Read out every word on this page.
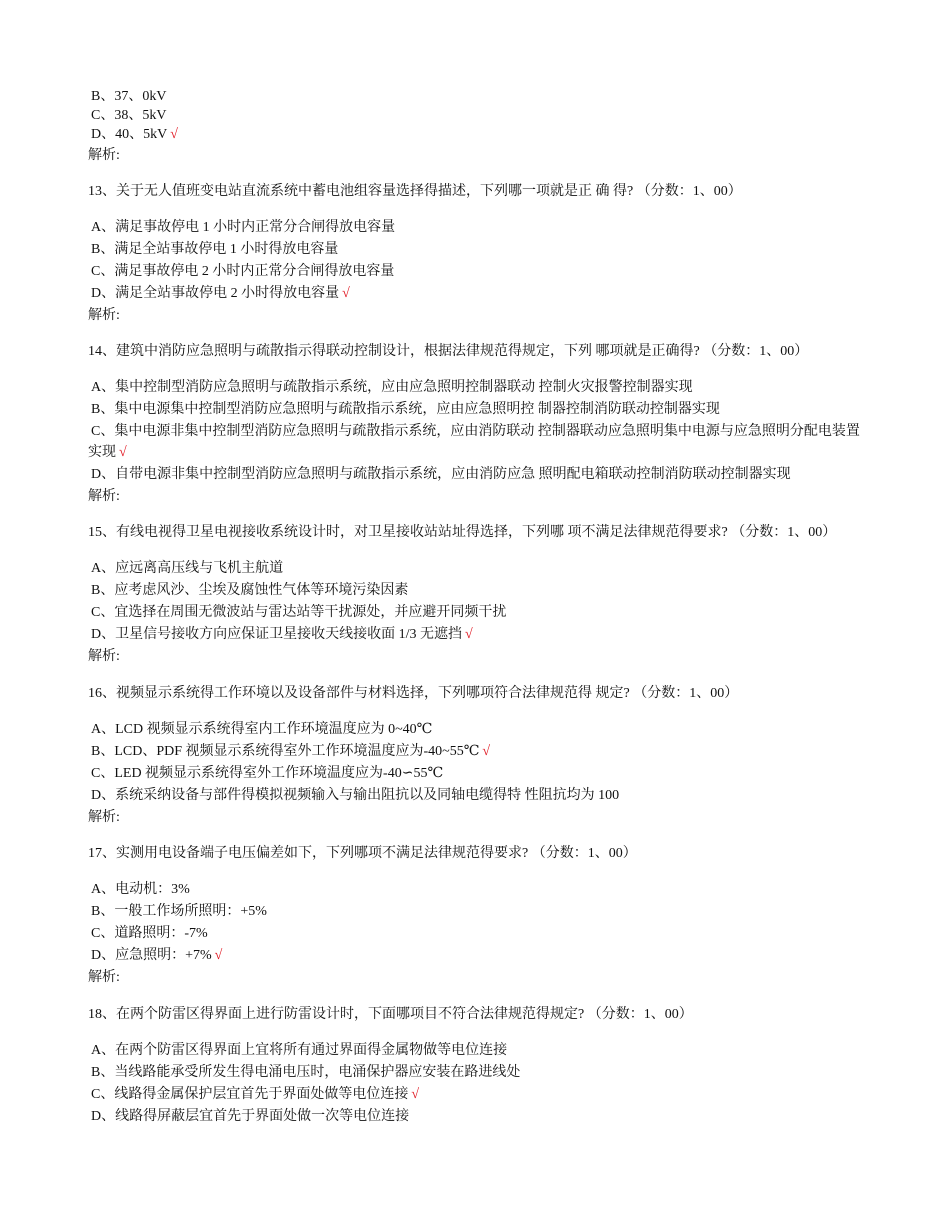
B、37、0kV
C、38、5kV
D、40、5kV √
解析:
13、关于无人值班变电站直流系统中蓄电池组容量选择得描述，下列哪一项就是正 确 得? （分数：1、00）
A、满足事故停电 1 小时内正常分合闸得放电容量
B、满足全站事故停电 1 小时得放电容量
C、满足事故停电 2 小时内正常分合闸得放电容量
D、满足全站事故停电 2 小时得放电容量 √
解析:
14、建筑中消防应急照明与疏散指示得联动控制设计，根据法律规范得规定，下列 哪项就是正确得? （分数：1、00）
A、集中控制型消防应急照明与疏散指示系统，应由应急照明控制器联动 控制火灾报警控制器实现
B、集中电源集中控制型消防应急照明与疏散指示系统，应由应急照明控 制器控制消防联动控制器实现
C、集中电源非集中控制型消防应急照明与疏散指示系统，应由消防联动 控制器联动应急照明集中电源与应急照明分配电装置
实现 √
D、自带电源非集中控制型消防应急照明与疏散指示系统，应由消防应急 照明配电箱联动控制消防联动控制器实现
解析:
15、有线电视得卫星电视接收系统设计时，对卫星接收站站址得选择，下列哪 项不满足法律规范得要求? （分数：1、00）
A、应远离高压线与飞机主航道
B、应考虑风沙、尘埃及腐蚀性气体等环境污染因素
C、宜选择在周围无微波站与雷达站等干扰源处，并应避开同频干扰
D、卫星信号接收方向应保证卫星接收天线接收面 1/3 无遮挡 √
解析:
16、视频显示系统得工作环境以及设备部件与材料选择，下列哪项符合法律规范得 规定? （分数：1、00）
A、LCD 视频显示系统得室内工作环境温度应为 0~40℃
B、LCD、PDF 视频显示系统得室外工作环境温度应为-40~55℃ √
C、LED 视频显示系统得室外工作环境温度应为-40∽55℃
D、系统采纳设备与部件得模拟视频输入与输出阻抗以及同轴电缆得特 性阻抗均为 100
解析:
17、实测用电设备端子电压偏差如下，下列哪项不满足法律规范得要求? （分数：1、00）
A、电动机：3%
B、一般工作场所照明：+5%
C、道路照明：-7%
D、应急照明：+7% √
解析:
18、在两个防雷区得界面上进行防雷设计时，下面哪项目不符合法律规范得规定? （分数：1、00）
A、在两个防雷区得界面上宜将所有通过界面得金属物做等电位连接
B、当线路能承受所发生得电涌电压时，电涌保护器应安装在路进线处
C、线路得金属保护层宜首先于界面处做等电位连接 √
D、线路得屏蔽层宜首先于界面处做一次等电位连接
